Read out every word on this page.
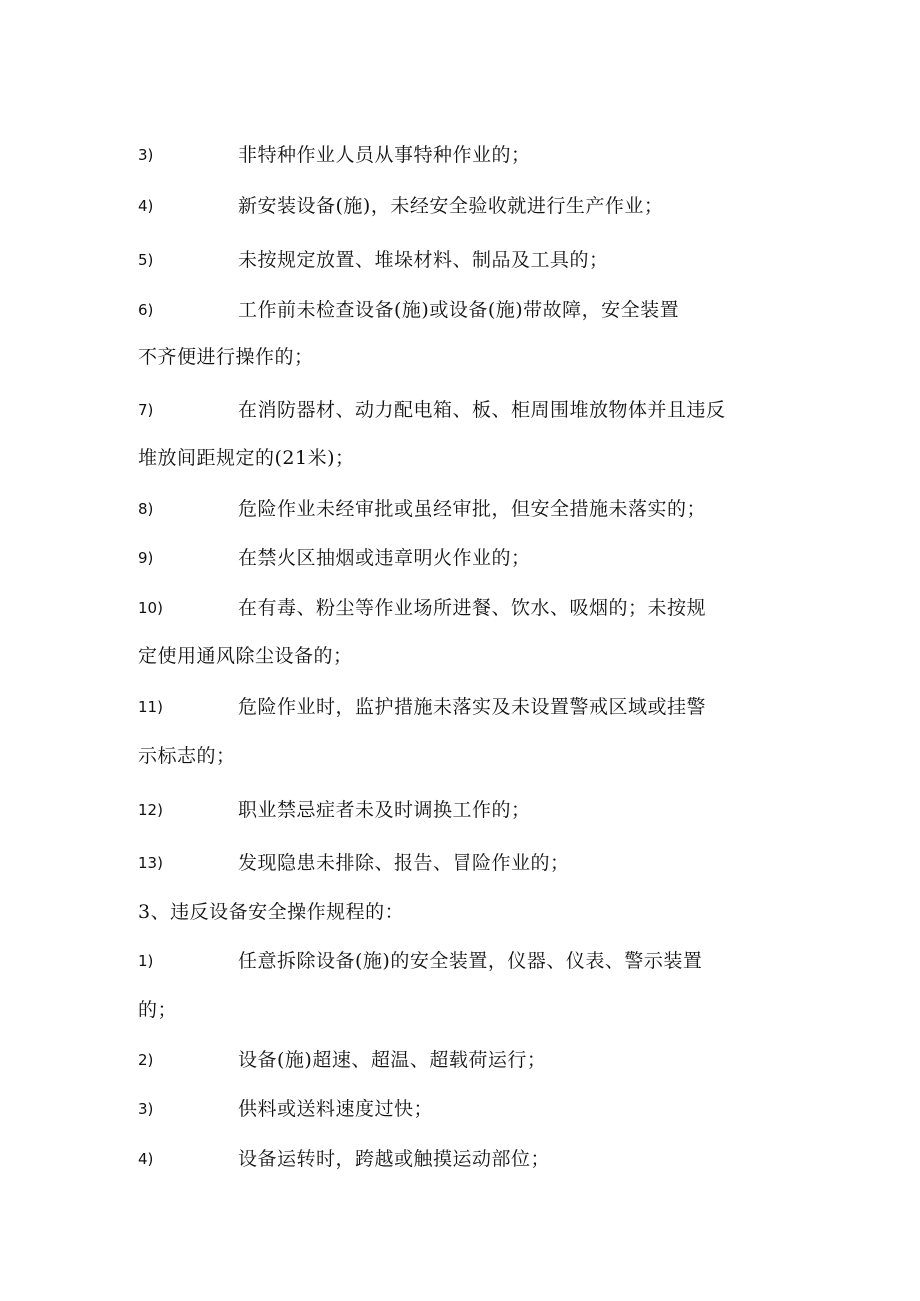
3)	非特种作业人员从事特种作业的；
4)	新安装设备(施)，未经安全验收就进行生产作业；
5)	未按规定放置、堆垛材料、制品及工具的；
6)	工作前未检查设备(施)或设备(施)带故障，安全装置
不齐便进行操作的；
7)	在消防器材、动力配电箱、板、柜周围堆放物体并且违反
堆放间距规定的(21米)；
8)	危险作业未经审批或虽经审批，但安全措施未落实的；
9)	在禁火区抽烟或违章明火作业的；
10)	在有毒、粉尘等作业场所进餐、饮水、吸烟的；未按规
定使用通风除尘设备的；
11)	危险作业时，监护措施未落实及未设置警戒区域或挂警
示标志的；
12)	职业禁忌症者未及时调换工作的；
13)	发现隐患未排除、报告、冒险作业的；
3、违反设备安全操作规程的：
1)	任意拆除设备(施)的安全装置，仪器、仪表、警示装置
的；
2)	设备(施)超速、超温、超载荷运行；
3)	供料或送料速度过快；
4)	设备运转时，跨越或触摸运动部位；
